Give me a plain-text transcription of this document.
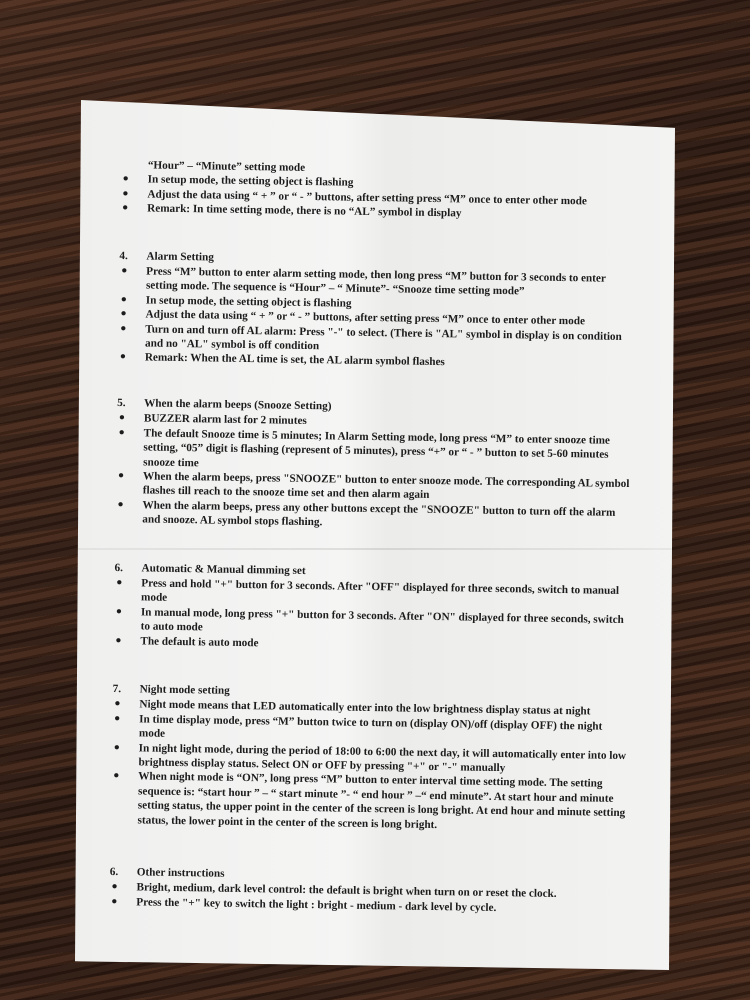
“Hour” – “Minute” setting mode
● In setup mode, the setting object is flashing
● Adjust the data using “ + ” or “ - ” buttons, after setting press “M” once to enter other mode
● Remark: In time setting mode, there is no “AL” symbol in display
4. Alarm Setting
● Press “M” button to enter alarm setting mode, then long press “M” button for 3 seconds to enter setting mode. The sequence is “Hour” – “ Minute”- “Snooze time setting mode”
● In setup mode, the setting object is flashing
● Adjust the data using “ + ” or “ - ” buttons, after setting press “M” once to enter other mode
● Turn on and turn off AL alarm: Press "-" to select. (There is "AL" symbol in display is on condition and no "AL" symbol is off condition
● Remark: When the AL time is set, the AL alarm symbol flashes
5. When the alarm beeps (Snooze Setting)
● BUZZER alarm last for 2 minutes
● The default Snooze time is 5 minutes; In Alarm Setting mode, long press “M” to enter snooze time setting, “05” digit is flashing (represent of 5 minutes), press “+” or “ - ” button to set 5-60 minutes snooze time
● When the alarm beeps, press "SNOOZE" button to enter snooze mode. The corresponding AL symbol flashes till reach to the snooze time set and then alarm again
● When the alarm beeps, press any other buttons except the "SNOOZE" button to turn off the alarm and snooze. AL symbol stops flashing.
6. Automatic & Manual dimming set
● Press and hold "+" button for 3 seconds. After "OFF" displayed for three seconds, switch to manual mode
● In manual mode, long press "+" button for 3 seconds. After "ON" displayed for three seconds, switch to auto mode
● The default is auto mode
7. Night mode setting
● Night mode means that LED automatically enter into the low brightness display status at night
● In time display mode, press “M” button twice to turn on (display ON)/off (display OFF) the night mode
● In night light mode, during the period of 18:00 to 6:00 the next day, it will automatically enter into low brightness display status. Select ON or OFF by pressing "+" or "-" manually
● When night mode is “ON”, long press “M” button to enter interval time setting mode. The setting sequence is: “start hour ” – “ start minute ”- “ end hour ” –“ end minute”. At start hour and minute setting status, the upper point in the center of the screen is long bright. At end hour and minute setting status, the lower point in the center of the screen is long bright.
6. Other instructions
● Bright, medium, dark level control: the default is bright when turn on or reset the clock.
● Press the "+" key to switch the light : bright - medium - dark level by cycle.
